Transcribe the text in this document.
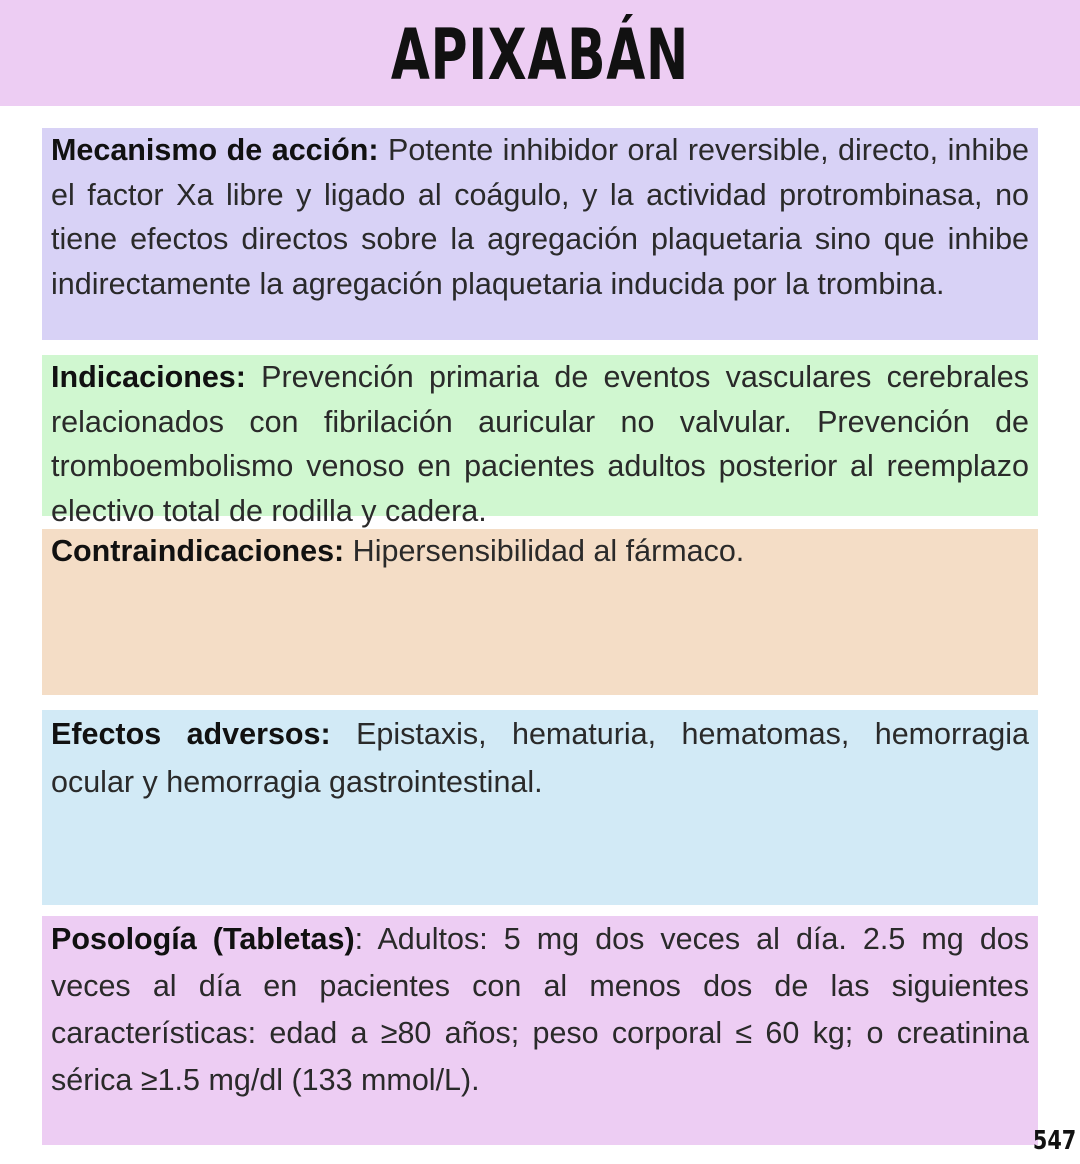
APIXABÁN
Mecanismo de acción: Potente inhibidor oral reversible, directo, inhibe el factor Xa libre y ligado al coágulo, y la actividad protrombinasa, no tiene efectos directos sobre la agregación plaquetaria sino que inhibe indirectamente la agregación plaquetaria inducida por la trombina.
Indicaciones: Prevención primaria de eventos vasculares cerebrales relacionados con fibrilación auricular no valvular. Prevención de tromboembolismo venoso en pacientes adultos posterior al reemplazo electivo total de rodilla y cadera.
Contraindicaciones: Hipersensibilidad al fármaco.
Efectos adversos: Epistaxis, hematuria, hematomas, hemorragia ocular y hemorragia gastrointestinal.
Posología (Tabletas): Adultos: 5 mg dos veces al día. 2.5 mg dos veces al día en pacientes con al menos dos de las siguientes características: edad a ≥80 años; peso corporal ≤ 60 kg; o creatinina sérica ≥1.5 mg/dl (133 mmol/L).
547
